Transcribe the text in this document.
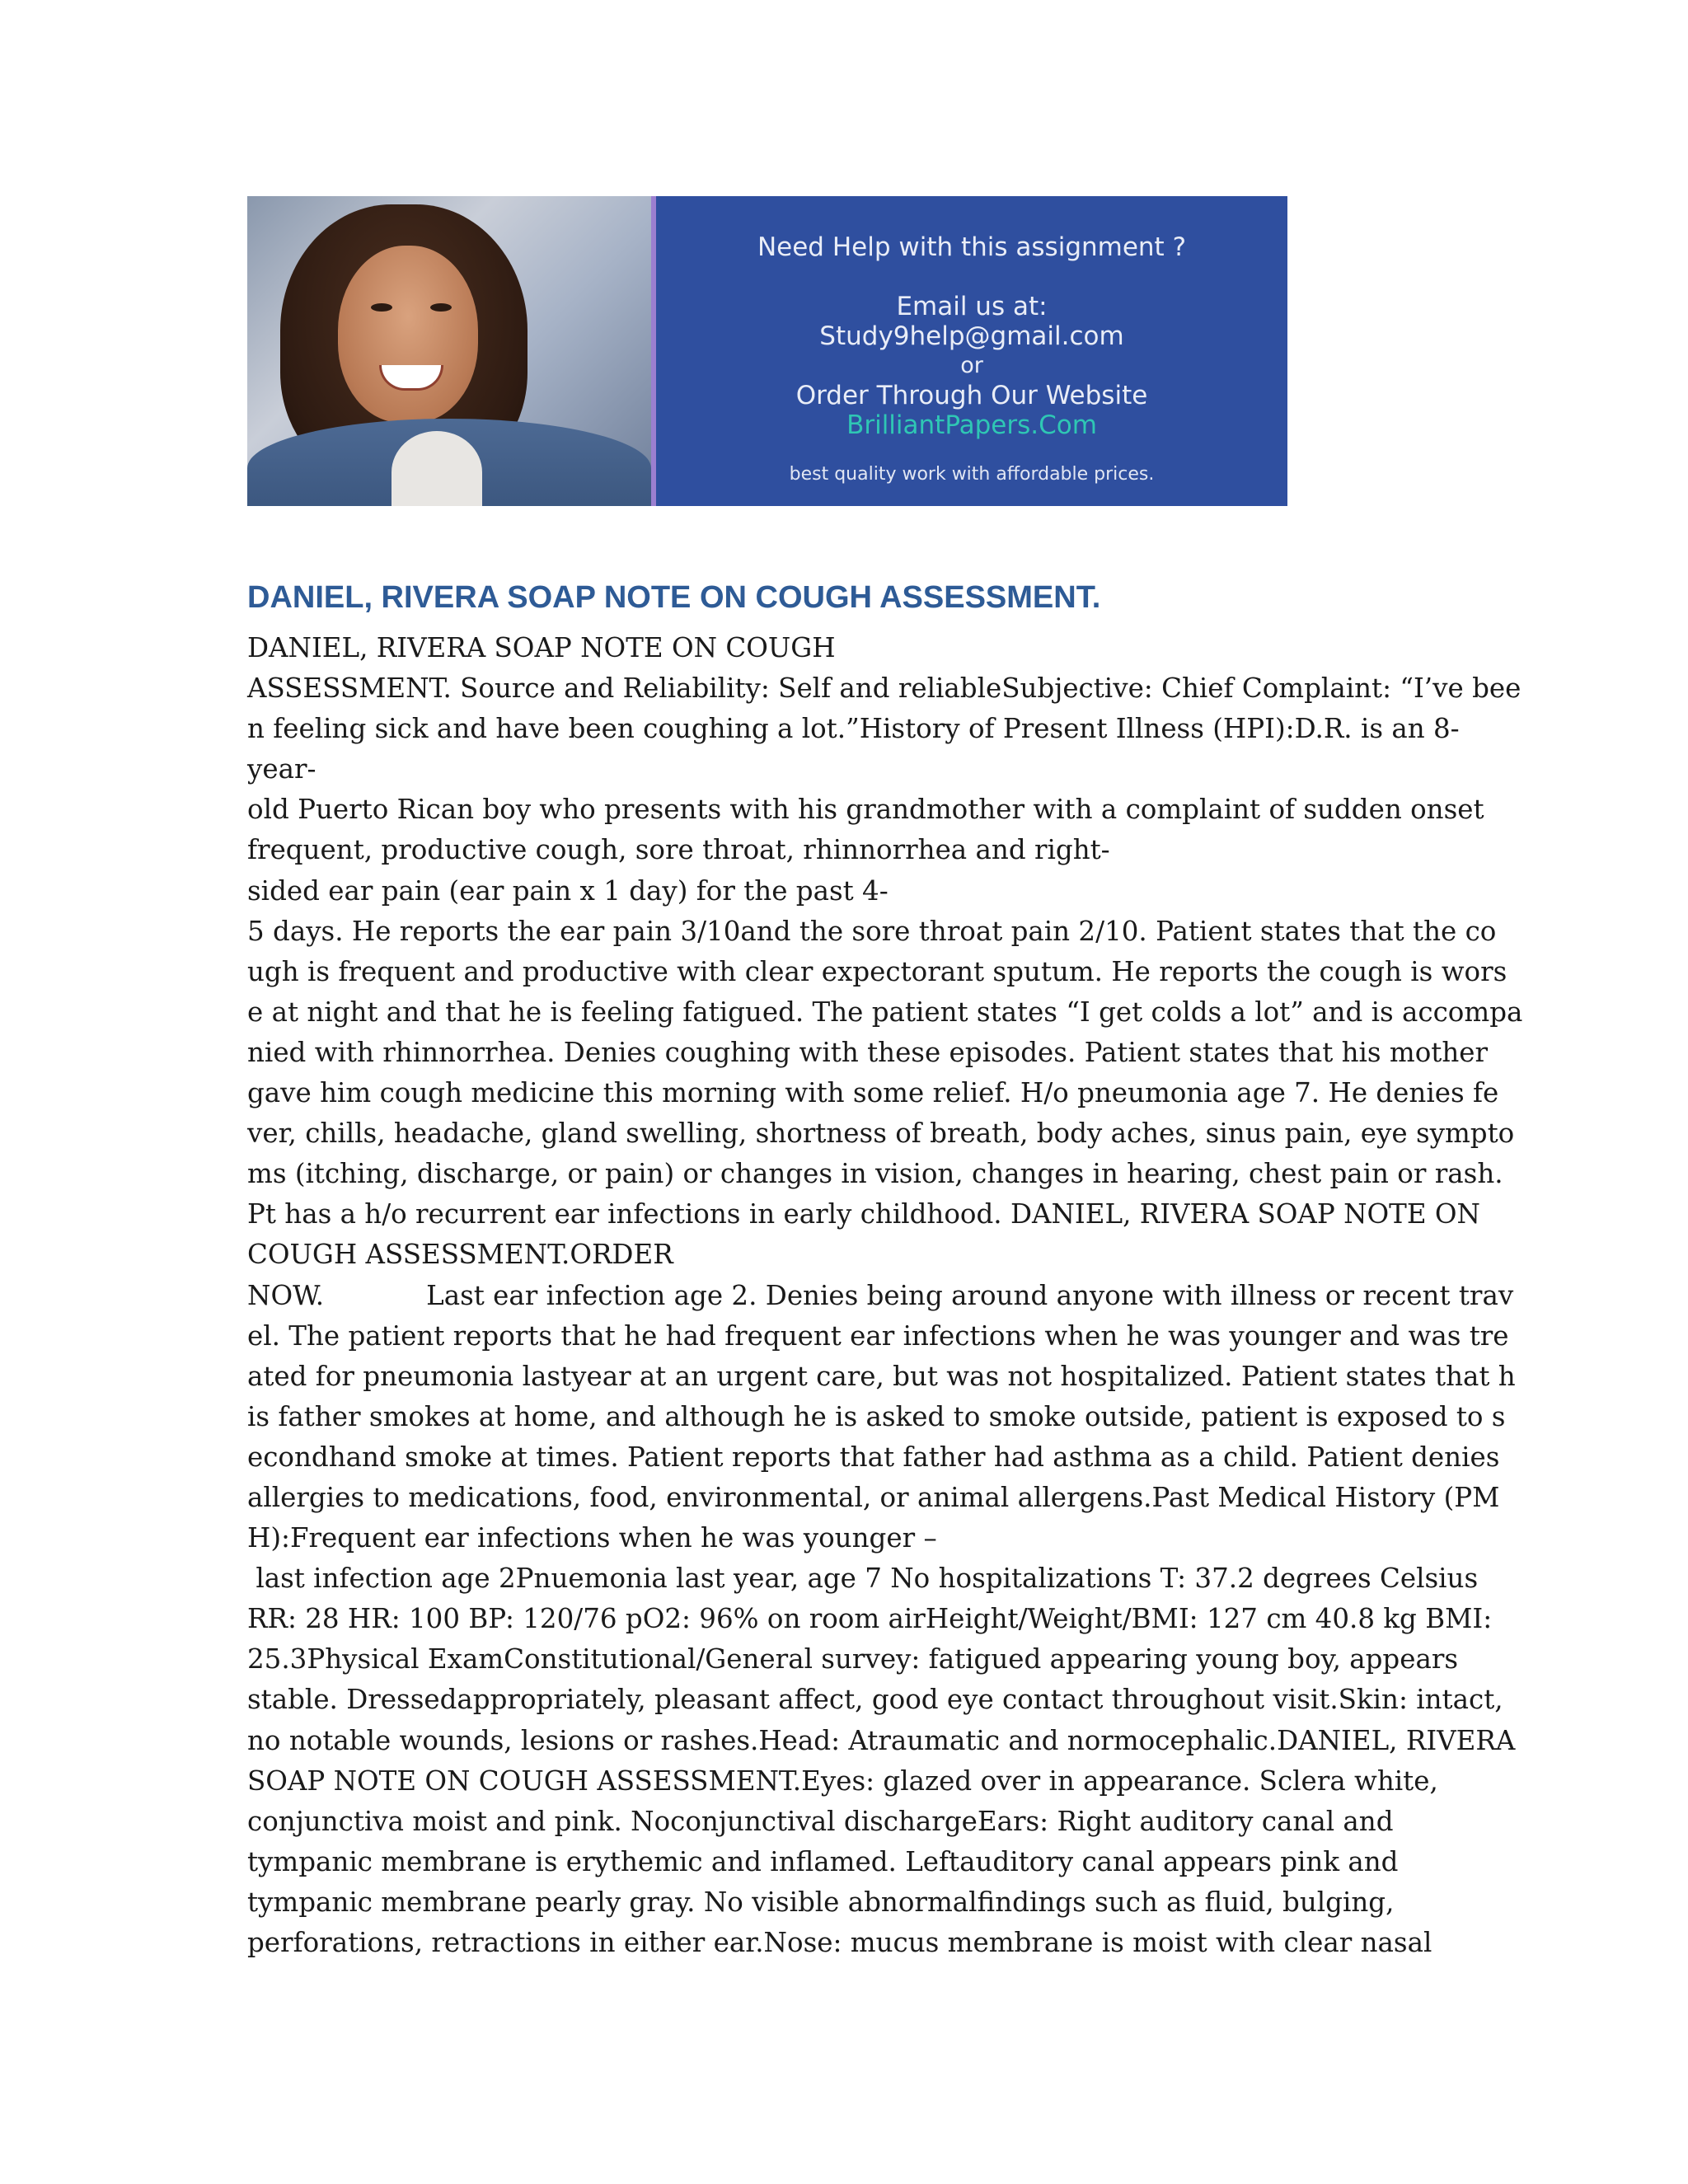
Need Help with this assignment ?
Email us at:
Study9help@gmail.com
or
Order Through Our Website
BrilliantPapers.Com
best quality work with affordable prices.
DANIEL, RIVERA SOAP NOTE ON COUGH ASSESSMENT.
DANIEL, RIVERA SOAP NOTE ON COUGH
ASSESSMENT. Source and Reliability: Self and reliableSubjective: Chief Complaint: “I’ve bee
n feeling sick and have been coughing a lot.”History of Present Illness (HPI):D.R. is an 8-
year-
old Puerto Rican boy who presents with his grandmother with a complaint of sudden onset
frequent, productive cough, sore throat, rhinnorrhea and right-
sided ear pain (ear pain x 1 day) for the past 4-
5 days. He reports the ear pain 3/10and the sore throat pain 2/10. Patient states that the co
ugh is frequent and productive with clear expectorant sputum. He reports the cough is wors
e at night and that he is feeling fatigued. The patient states “I get colds a lot” and is accompa
nied with rhinnorrhea. Denies coughing with these episodes. Patient states that his mother
gave him cough medicine this morning with some relief. H/o pneumonia age 7. He denies fe
ver, chills, headache, gland swelling, shortness of breath, body aches, sinus pain, eye sympto
ms (itching, discharge, or pain) or changes in vision, changes in hearing, chest pain or rash.
Pt has a h/o recurrent ear infections in early childhood. DANIEL, RIVERA SOAP NOTE ON
COUGH ASSESSMENT.ORDER
NOW.            Last ear infection age 2. Denies being around anyone with illness or recent trav
el. The patient reports that he had frequent ear infections when he was younger and was tre
ated for pneumonia lastyear at an urgent care, but was not hospitalized. Patient states that h
is father smokes at home, and although he is asked to smoke outside, patient is exposed to s
econdhand smoke at times. Patient reports that father had asthma as a child. Patient denies
allergies to medications, food, environmental, or animal allergens.Past Medical History (PM
H):Frequent ear infections when he was younger –
last infection age 2Pnuemonia last year, age 7 No hospitalizations T: 37.2 degrees Celsius
RR: 28 HR: 100 BP: 120/76 pO2: 96% on room airHeight/Weight/BMI: 127 cm 40.8 kg BMI:
25.3Physical ExamConstitutional/General survey: fatigued appearing young boy, appears
stable. Dressedappropriately, pleasant affect, good eye contact throughout visit.Skin: intact,
no notable wounds, lesions or rashes.Head: Atraumatic and normocephalic.DANIEL, RIVERA
SOAP NOTE ON COUGH ASSESSMENT.Eyes: glazed over in appearance. Sclera white,
conjunctiva moist and pink. Noconjunctival dischargeEars: Right auditory canal and
tympanic membrane is erythemic and inflamed. Leftauditory canal appears pink and
tympanic membrane pearly gray. No visible abnormalfindings such as fluid, bulging,
perforations, retractions in either ear.Nose: mucus membrane is moist with clear nasal
